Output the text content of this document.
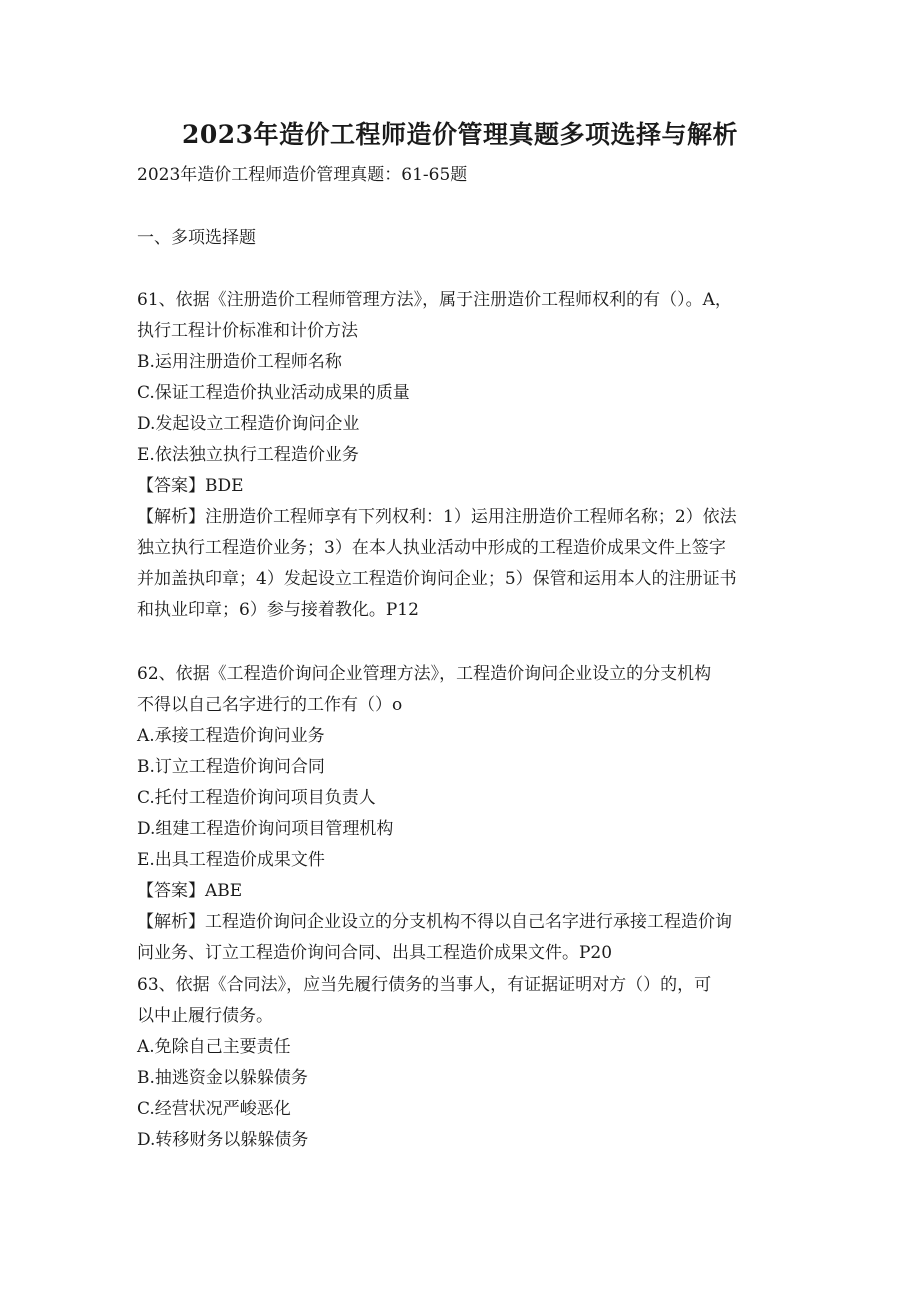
2023年造价工程师造价管理真题多项选择与解析
2023年造价工程师造价管理真题：61-65题
一、多项选择题
61、依据《注册造价工程师管理方法》，属于注册造价工程师权利的有（）。A，
执行工程计价标准和计价方法
B.运用注册造价工程师名称
C.保证工程造价执业活动成果的质量
D.发起设立工程造价询问企业
E.依法独立执行工程造价业务
【答案】BDE
【解析】注册造价工程师享有下列权利：1）运用注册造价工程师名称；2）依法
独立执行工程造价业务；3）在本人执业活动中形成的工程造价成果文件上签字
并加盖执印章；4）发起设立工程造价询问企业；5）保管和运用本人的注册证书
和执业印章；6）参与接着教化。P12
62、依据《工程造价询问企业管理方法》，工程造价询问企业设立的分支机构
不得以自己名字进行的工作有（）o
A.承接工程造价询问业务
B.订立工程造价询问合同
C.托付工程造价询问项目负责人
D.组建工程造价询问项目管理机构
E.出具工程造价成果文件
【答案】ABE
【解析】工程造价询问企业设立的分支机构不得以自己名字进行承接工程造价询
问业务、订立工程造价询问合同、出具工程造价成果文件。P20
63、依据《合同法》，应当先履行债务的当事人，有证据证明对方（）的，可
以中止履行债务。
A.免除自己主要责任
B.抽逃资金以躲躲债务
C.经营状况严峻恶化
D.转移财务以躲躲债务
